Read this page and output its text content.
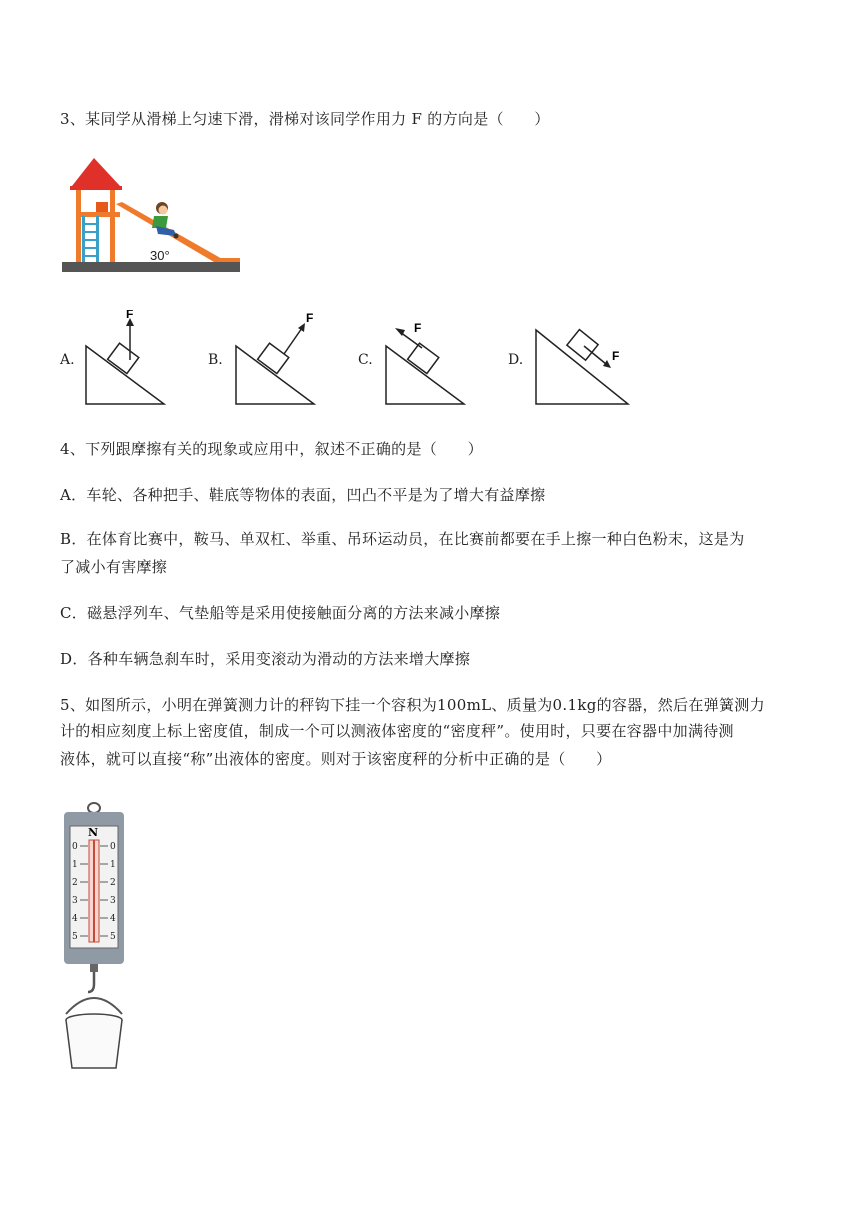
3、某同学从滑梯上匀速下滑，滑梯对该同学作用力 F 的方向是（　　）
30°
A.
F
B.
F
C.
F
D.	F
4、下列跟摩擦有关的现象或应用中，叙述不正确的是（　　）
A．车轮、各种把手、鞋底等物体的表面，凹凸不平是为了增大有益摩擦
B．在体育比赛中，鞍马、单双杠、举重、吊环运动员，在比赛前都要在手上擦一种白色粉末，这是为
了减小有害摩擦
C．磁悬浮列车、气垫船等是采用使接触面分离的方法来减小摩擦
D．各种车辆急刹车时，采用变滚动为滑动的方法来增大摩擦
5、如图所示，小明在弹簧测力计的秤钩下挂一个容积为100mL、质量为0.1kg的容器，然后在弹簧测力
计的相应刻度上标上密度值，制成一个可以测液体密度的“密度秤”。使用时，只要在容器中加满待测
液体，就可以直接“称”出液体的密度。则对于该密度秤的分析中正确的是（　　）
N
0
1
2
3
4
5
0
1
2
3
4
5
